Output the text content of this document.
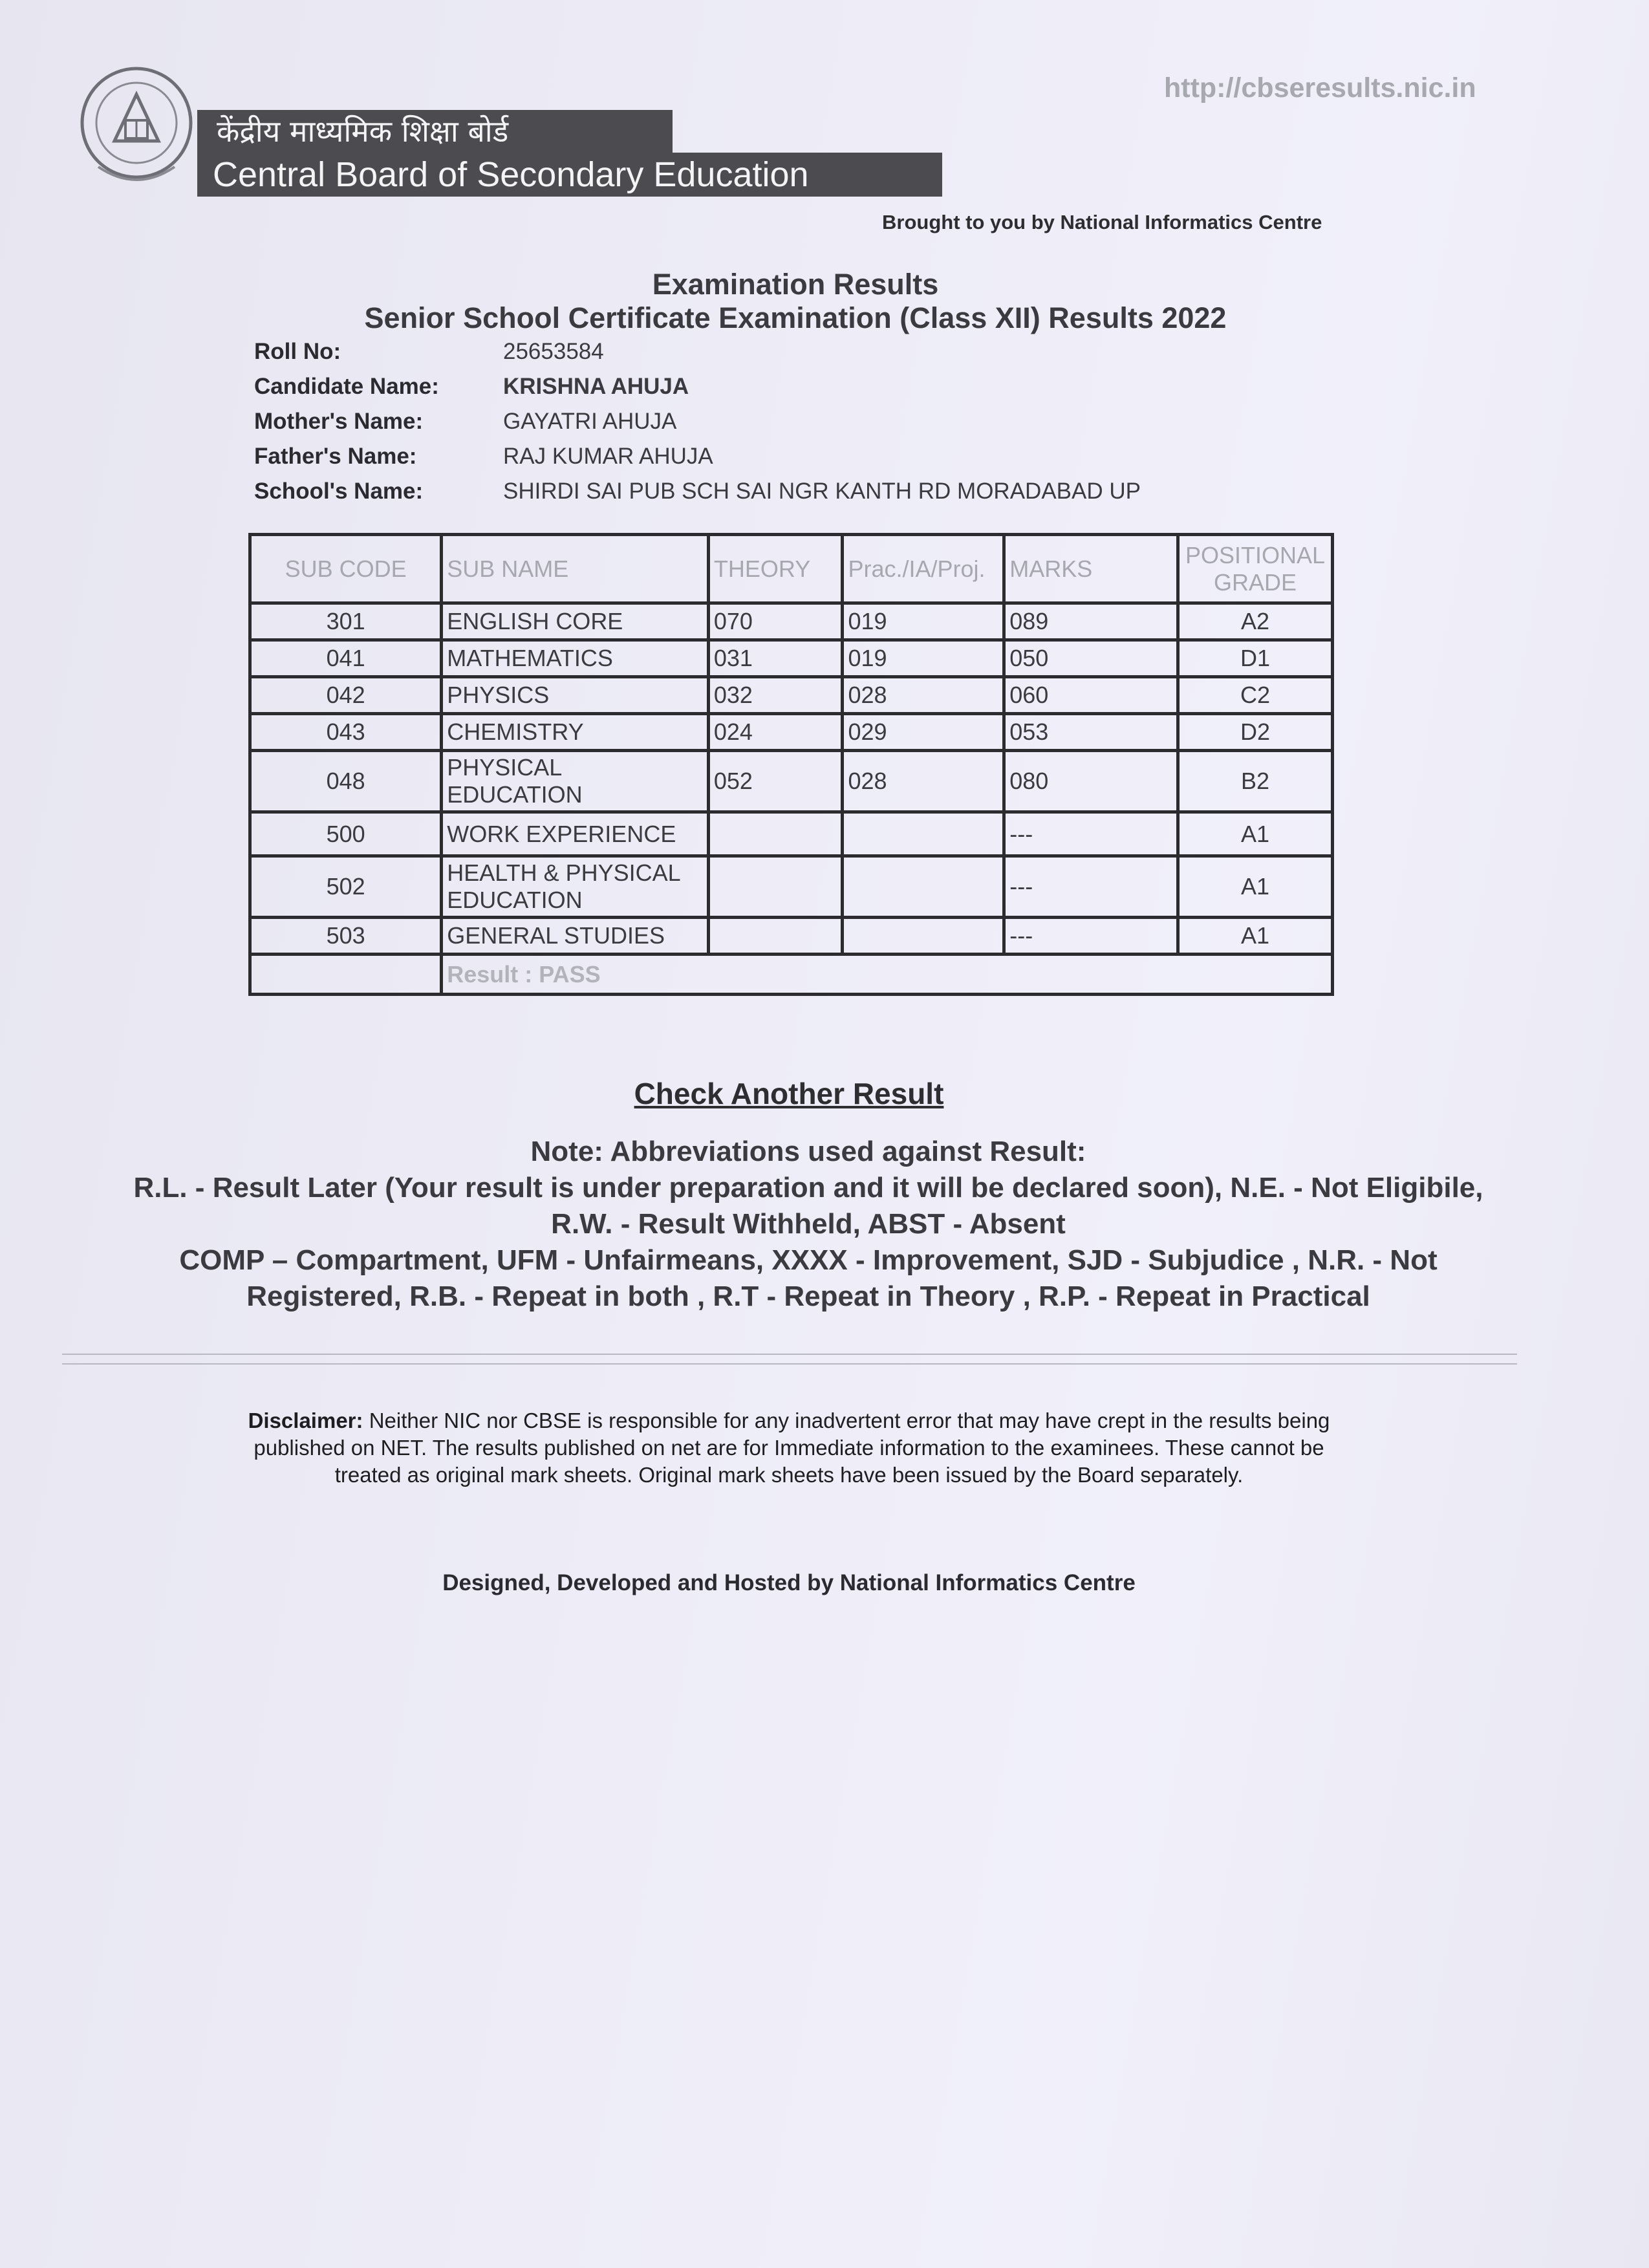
http://cbseresults.nic.in
केंद्रीय माध्यमिक शिक्षा बोर्ड
Central Board of Secondary Education
Brought to you by National Informatics Centre
Examination Results
Senior School Certificate Examination (Class XII) Results 2022
Roll No:	25653584
Candidate Name:	KRISHNA AHUJA
Mother's Name:	GAYATRI AHUJA
Father's Name:	RAJ KUMAR AHUJA
School's Name:	SHIRDI SAI PUB SCH SAI NGR KANTH RD MORADABAD UP
SUB CODE	SUB NAME	THEORY	Prac./IA/Proj.	MARKS	POSITIONAL GRADE
301	ENGLISH CORE	070	019	089	A2
041	MATHEMATICS	031	019	050	D1
042	PHYSICS	032	028	060	C2
043	CHEMISTRY	024	029	053	D2
048	PHYSICAL EDUCATION	052	028	080	B2
500	WORK EXPERIENCE			---	A1
502	HEALTH & PHYSICAL EDUCATION			---	A1
503	GENERAL STUDIES			---	A1
	Result : PASS				
Check Another Result
Note: Abbreviations used against Result:
R.L. - Result Later (Your result is under preparation and it will be declared soon), N.E. - Not Eligibile,
R.W. - Result Withheld, ABST - Absent
COMP – Compartment, UFM - Unfairmeans, XXXX - Improvement, SJD - Subjudice , N.R. - Not
Registered, R.B. - Repeat in both , R.T - Repeat in Theory , R.P. - Repeat in Practical
Disclaimer: Neither NIC nor CBSE is responsible for any inadvertent error that may have crept in the results being published on NET. The results published on net are for Immediate information to the examinees. These cannot be treated as original mark sheets. Original mark sheets have been issued by the Board separately.
Designed, Developed and Hosted by National Informatics Centre
